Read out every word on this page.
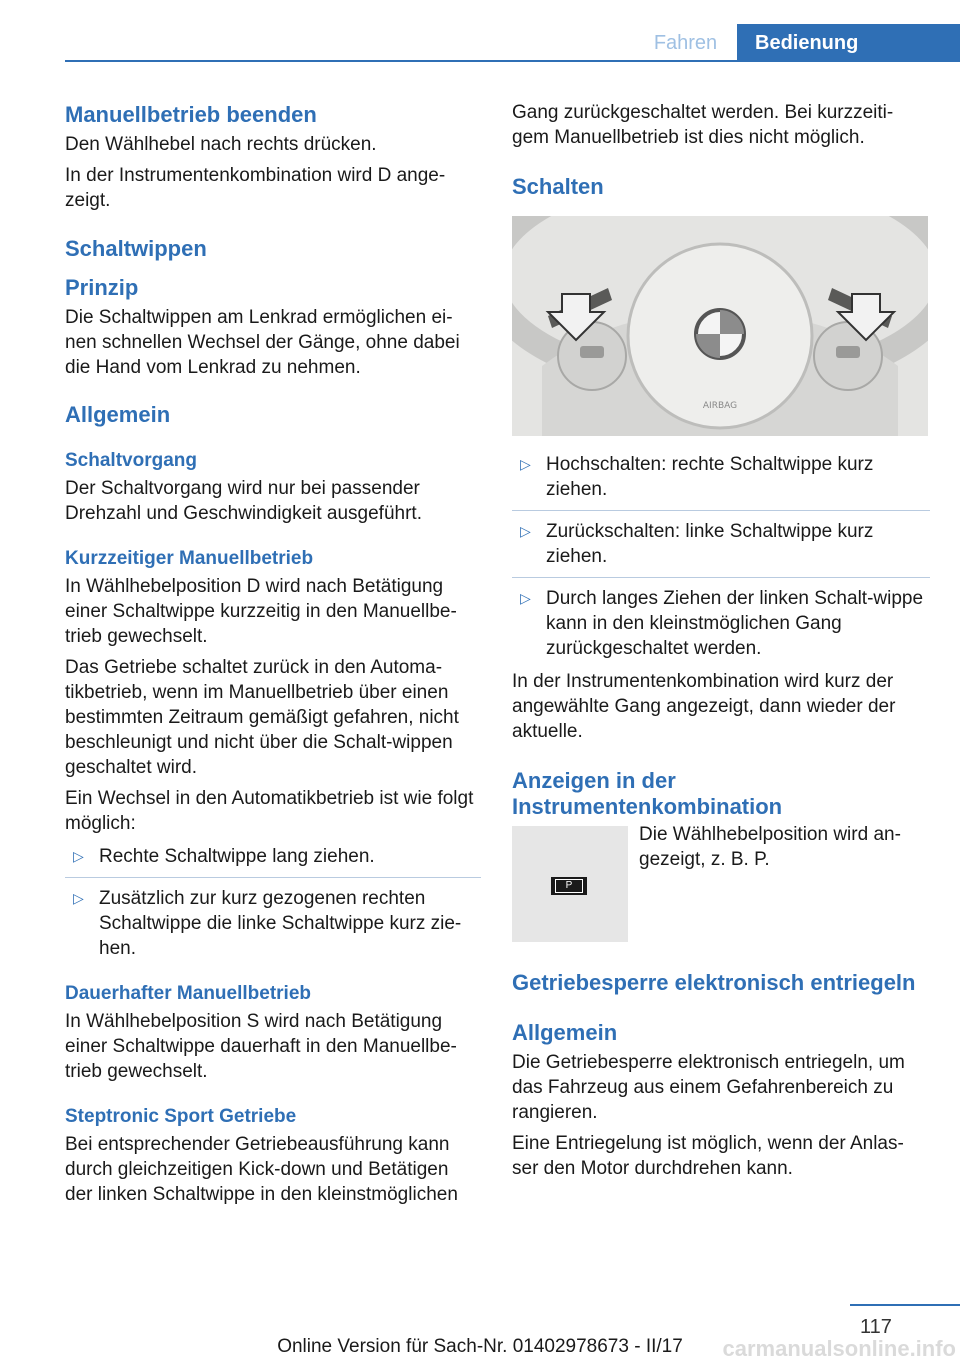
Fahren	Bedienung
Manuellbetrieb beenden

Den Wählhebel nach rechts drücken.

In der Instrumentenkombination wird D ange‐zeigt.

Schaltwippen
Prinzip

Die Schaltwippen am Lenkrad ermöglichen ei‐nen schnellen Wechsel der Gänge, ohne dabei die Hand vom Lenkrad zu nehmen.

Allgemein
Schaltvorgang

Der Schaltvorgang wird nur bei passender Drehzahl und Geschwindigkeit ausgeführt.

Kurzzeitiger Manuellbetrieb

In Wählhebelposition D wird nach Betätigung einer Schaltwippe kurzzeitig in den Manuellbe‐trieb gewechselt.

Das Getriebe schaltet zurück in den Automa‐tikbetrieb, wenn im Manuellbetrieb über einen bestimmten Zeitraum gemäßigt gefahren, nicht beschleunigt und nicht über die Schalt‐wippen geschaltet wird.

Ein Wechsel in den Automatikbetrieb ist wie folgt möglich:

▷ Rechte Schaltwippe lang ziehen.
▷ Zusätzlich zur kurz gezogenen rechten Schaltwippe die linke Schaltwippe kurz zie‐hen.
Dauerhafter Manuellbetrieb

In Wählhebelposition S wird nach Betätigung einer Schaltwippe dauerhaft in den Manuellbe‐trieb gewechselt.

Steptronic Sport Getriebe

Bei entsprechender Getriebeausführung kann durch gleichzeitigen Kick-down und Betätigen der linken Schaltwippe in den kleinstmöglichen

Gang zurückgeschaltet werden. Bei kurzzeiti‐gem Manuellbetrieb ist dies nicht möglich.

Schalten
AIRBAG
▷ Hochschalten: rechte Schaltwippe kurz ziehen.
▷ Zurückschalten: linke Schaltwippe kurz ziehen.
▷ Durch langes Ziehen der linken Schalt‐wippe kann in den kleinstmöglichen Gang zurückgeschaltet werden.

In der Instrumentenkombination wird kurz der angewählte Gang angezeigt, dann wieder der aktuelle.

Anzeigen in der Instrumentenkombination
P

Die Wählhebelposition wird an‐gezeigt, z. B. P.

Getriebesperre elektronisch entriegeln
Allgemein

Die Getriebesperre elektronisch entriegeln, um das Fahrzeug aus einem Gefahrenbereich zu rangieren.

Eine Entriegelung ist möglich, wenn der Anlas‐ser den Motor durchdrehen kann.

117
Online Version für Sach-Nr. 01402978673 - II/17	carmanualsonline.info
